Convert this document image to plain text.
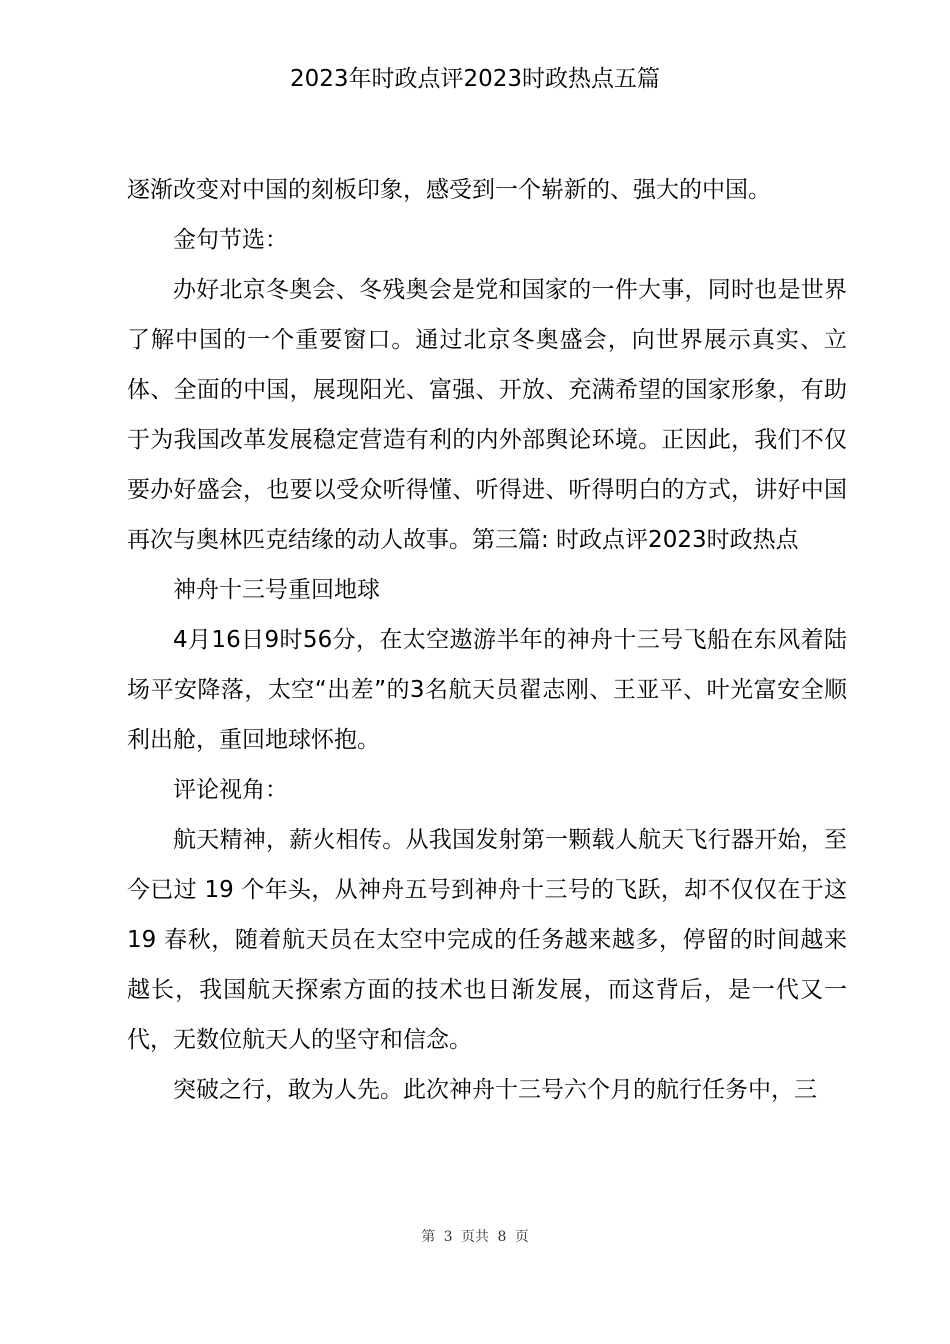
2023年时政点评2023时政热点五篇

逐渐改变对中国的刻板印象，感受到一个崭新的、强大的中国。

金句节选：

办好北京冬奥会、冬残奥会是党和国家的一件大事，同时也是世界了解中国的一个重要窗口。通过北京冬奥盛会，向世界展示真实、立体、全面的中国，展现阳光、富强、开放、充满希望的国家形象，有助于为我国改革发展稳定营造有利的内外部舆论环境。正因此，我们不仅要办好盛会，也要以受众听得懂、听得进、听得明白的方式，讲好中国再次与奥林匹克结缘的动人故事。第三篇: 时政点评2023时政热点

神舟十三号重回地球

4月16日9时56分，在太空遨游半年的神舟十三号飞船在东风着陆场平安降落，太空“出差”的3名航天员翟志刚、王亚平、叶光富安全顺利出舱，重回地球怀抱。

评论视角：

航天精神，薪火相传。从我国发射第一颗载人航天飞行器开始，至今已过 19 个年头，从神舟五号到神舟十三号的飞跃，却不仅仅在于这 19 春秋，随着航天员在太空中完成的任务越来越多，停留的时间越来越长，我国航天探索方面的技术也日渐发展，而这背后，是一代又一代，无数位航天人的坚守和信念。

突破之行，敢为人先。此次神舟十三号六个月的航行任务中，三

第 3 页共 8 页
